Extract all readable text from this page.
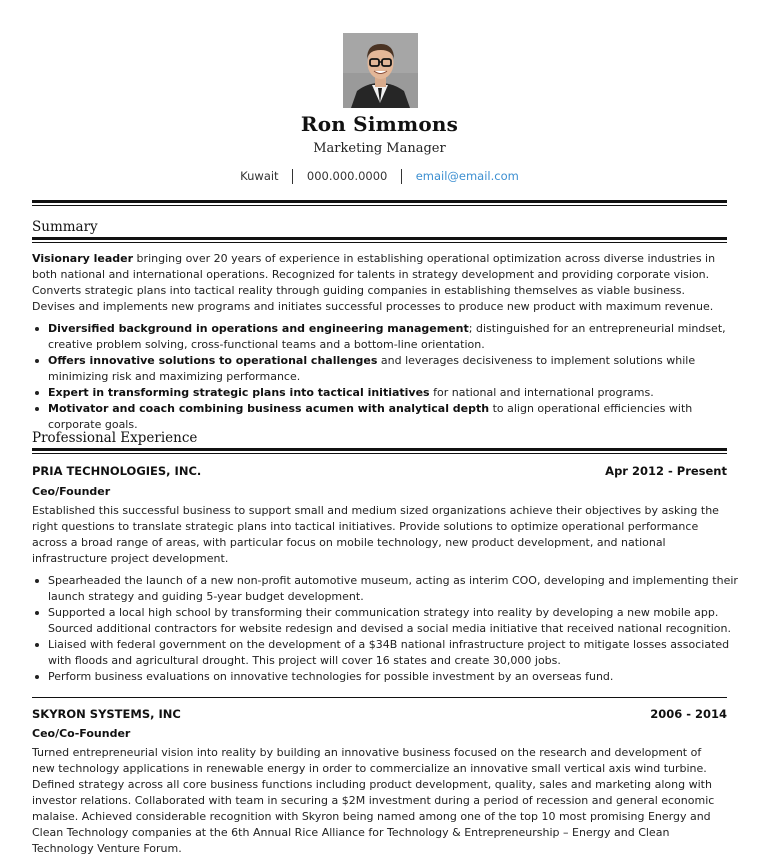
Ron Simmons
Marketing Manager
Kuwait 000.000.0000 email@email.com
Summary

Visionary leader bringing over 20 years of experience in establishing operational optimization across diverse industries in both national and international operations. Recognized for talents in strategy development and providing corporate vision. Converts strategic plans into tactical reality through guiding companies in establishing themselves as viable business. Devises and implements new programs and initiates successful processes to produce new product with maximum revenue.

Diversified background in operations and engineering management; distinguished for an entrepreneurial mindset, creative problem solving, cross-functional teams and a bottom-line orientation.
Offers innovative solutions to operational challenges and leverages decisiveness to implement solutions while minimizing risk and maximizing performance.
Expert in transforming strategic plans into tactical initiatives for national and international programs.
Motivator and coach combining business acumen with analytical depth to align operational efficiencies with corporate goals.
Professional Experience
PRIA TECHNOLOGIES, INC.	Apr 2012 - Present
Ceo/Founder

Established this successful business to support small and medium sized organizations achieve their objectives by asking the right questions to translate strategic plans into tactical initiatives. Provide solutions to optimize operational performance across a broad range of areas, with particular focus on mobile technology, new product development, and national infrastructure project development.

Spearheaded the launch of a new non-profit automotive museum, acting as interim COO, developing and implementing their launch strategy and guiding 5-year budget development.
Supported a local high school by transforming their communication strategy into reality by developing a new mobile app. Sourced additional contractors for website redesign and devised a social media initiative that received national recognition.
Liaised with federal government on the development of a $34B national infrastructure project to mitigate losses associated with floods and agricultural drought. This project will cover 16 states and create 30,000 jobs.
Perform business evaluations on innovative technologies for possible investment by an overseas fund.
SKYRON SYSTEMS, INC	2006 - 2014
Ceo/Co-Founder

Turned entrepreneurial vision into reality by building an innovative business focused on the research and development of new technology applications in renewable energy in order to commercialize an innovative small vertical axis wind turbine. Defined strategy across all core business functions including product development, quality, sales and marketing along with investor relations. Collaborated with team in securing a $2M investment during a period of recession and general economic malaise. Achieved considerable recognition with Skyron being named among one of the top 10 most promising Energy and Clean Technology companies at the 6th Annual Rice Alliance for Technology & Entrepreneurship – Energy and Clean Technology Venture Forum.
